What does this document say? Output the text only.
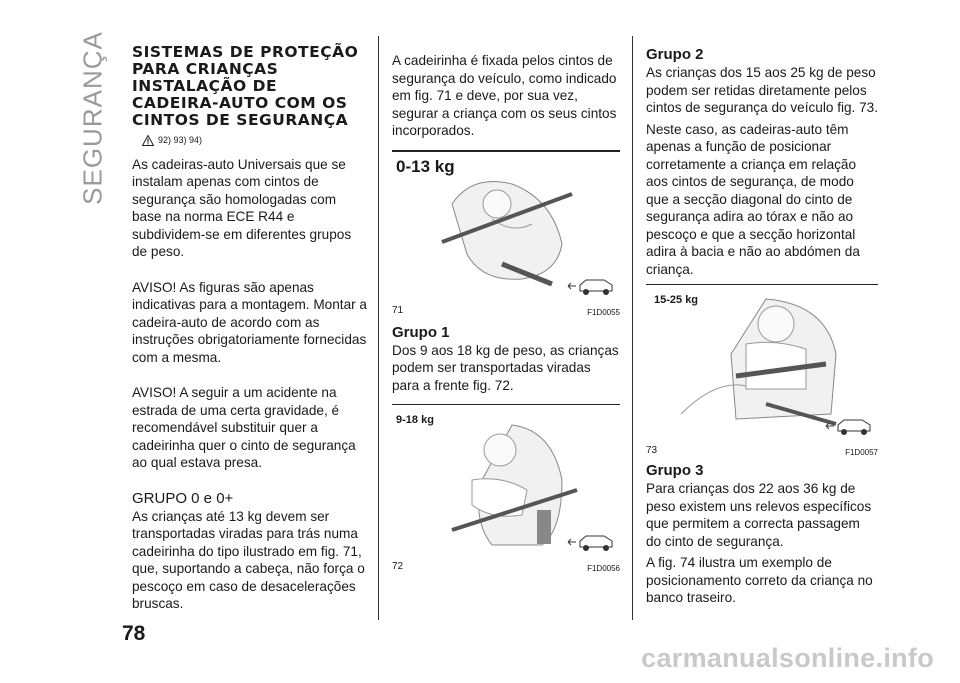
SEGURANÇA
78
carmanualsonline.info
SISTEMAS DE PROTEÇÃO PARA CRIANÇAS INSTALAÇÃO DE CADEIRA-AUTO COM OS CINTOS DE SEGURANÇA
92) 93) 94)

As cadeiras-auto Universais que se instalam apenas com cintos de segurança são homologadas com base na norma ECE R44 e subdividem-se em diferentes grupos de peso.

AVISO! As figuras são apenas indicativas para a montagem. Montar a cadeira-auto de acordo com as instruções obrigatoriamente fornecidas com a mesma.

AVISO! A seguir a um acidente na estrada de uma certa gravidade, é recomendável substituir quer a cadeirinha quer o cinto de segurança ao qual estava presa.

GRUPO 0 e 0+

As crianças até 13 kg devem ser transportadas viradas para trás numa cadeirinha do tipo ilustrado em fig. 71, que, suportando a cabeça, não força o pescoço em caso de desacelerações bruscas.

A cadeirinha é fixada pelos cintos de segurança do veículo, como indicado em fig. 71 e deve, por sua vez, segurar a criança com os seus cintos incorporados.

0-13 kg
71	F1D0055
Grupo 1

Dos 9 aos 18 kg de peso, as crianças podem ser transportadas viradas para a frente fig. 72.

9-18 kg
72	F1D0056
Grupo 2

As crianças dos 15 aos 25 kg de peso podem ser retidas diretamente pelos cintos de segurança do veículo fig. 73.

Neste caso, as cadeiras-auto têm apenas a função de posicionar corretamente a criança em relação aos cintos de segurança, de modo que a secção diagonal do cinto de segurança adira ao tórax e não ao pescoço e que a secção horizontal adira à bacia e não ao abdómen da criança.

15-25 kg
73	F1D0057
Grupo 3

Para crianças dos 22 aos 36 kg de peso existem uns relevos específicos que permitem a correcta passagem do cinto de segurança.

A fig. 74 ilustra um exemplo de posicionamento correto da criança no banco traseiro.
